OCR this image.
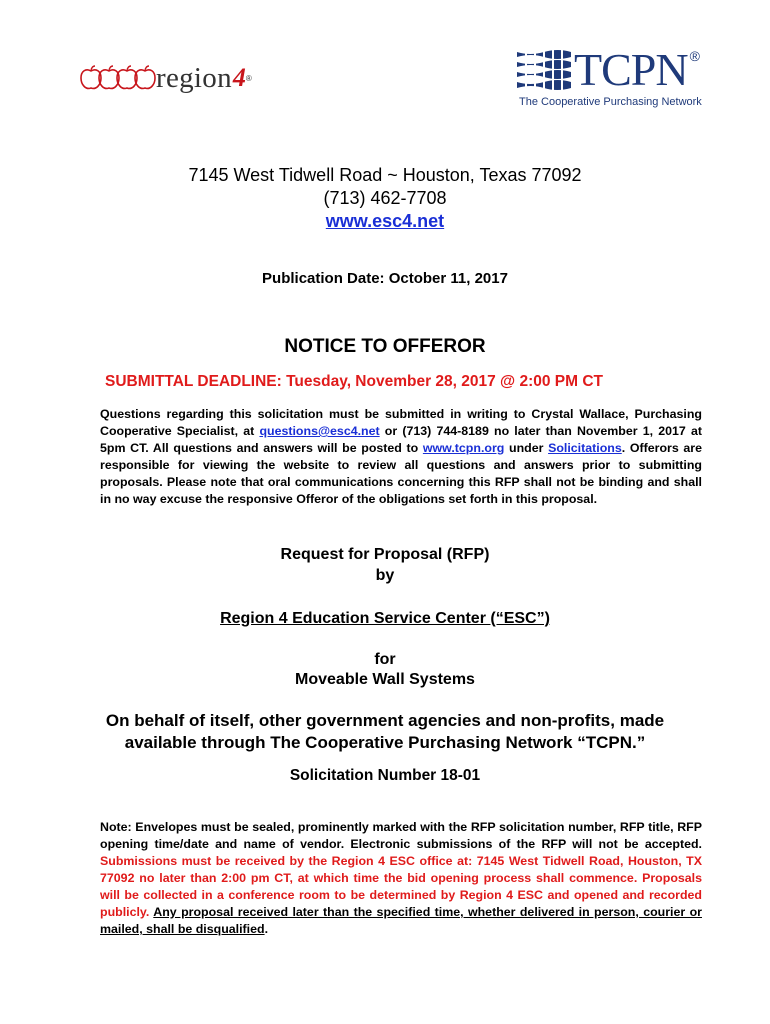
region 4 ®	TCPN ®
The Cooperative Purchasing Network
7145 West Tidwell Road ~ Houston, Texas 77092
(713) 462-7708
www.esc4.net
Publication Date: October 11, 2017
NOTICE TO OFFEROR
SUBMITTAL DEADLINE: Tuesday, November 28, 2017 @ 2:00 PM CT
Questions regarding this solicitation must be submitted in writing to Crystal Wallace, Purchasing Cooperative Specialist, at questions@esc4.net or (713) 744-8189 no later than November 1, 2017 at 5pm CT. All questions and answers will be posted to www.tcpn.org under Solicitations. Offerors are responsible for viewing the website to review all questions and answers prior to submitting proposals. Please note that oral communications concerning this RFP shall not be binding and shall in no way excuse the responsive Offeror of the obligations set forth in this proposal.
Request for Proposal (RFP)
by
Region 4 Education Service Center (“ESC”)
for
Moveable Wall Systems
On behalf of itself, other government agencies and non-profits, made
available through The Cooperative Purchasing Network “TCPN.”
Solicitation Number 18-01
Note: Envelopes must be sealed, prominently marked with the RFP solicitation number, RFP title, RFP opening time/date and name of vendor. Electronic submissions of the RFP will not be accepted. Submissions must be received by the Region 4 ESC office at: 7145 West Tidwell Road, Houston, TX 77092 no later than 2:00 pm CT, at which time the bid opening process shall commence. Proposals will be collected in a conference room to be determined by Region 4 ESC and opened and recorded publicly. Any proposal received later than the specified time, whether delivered in person, courier or mailed, shall be disqualified.
